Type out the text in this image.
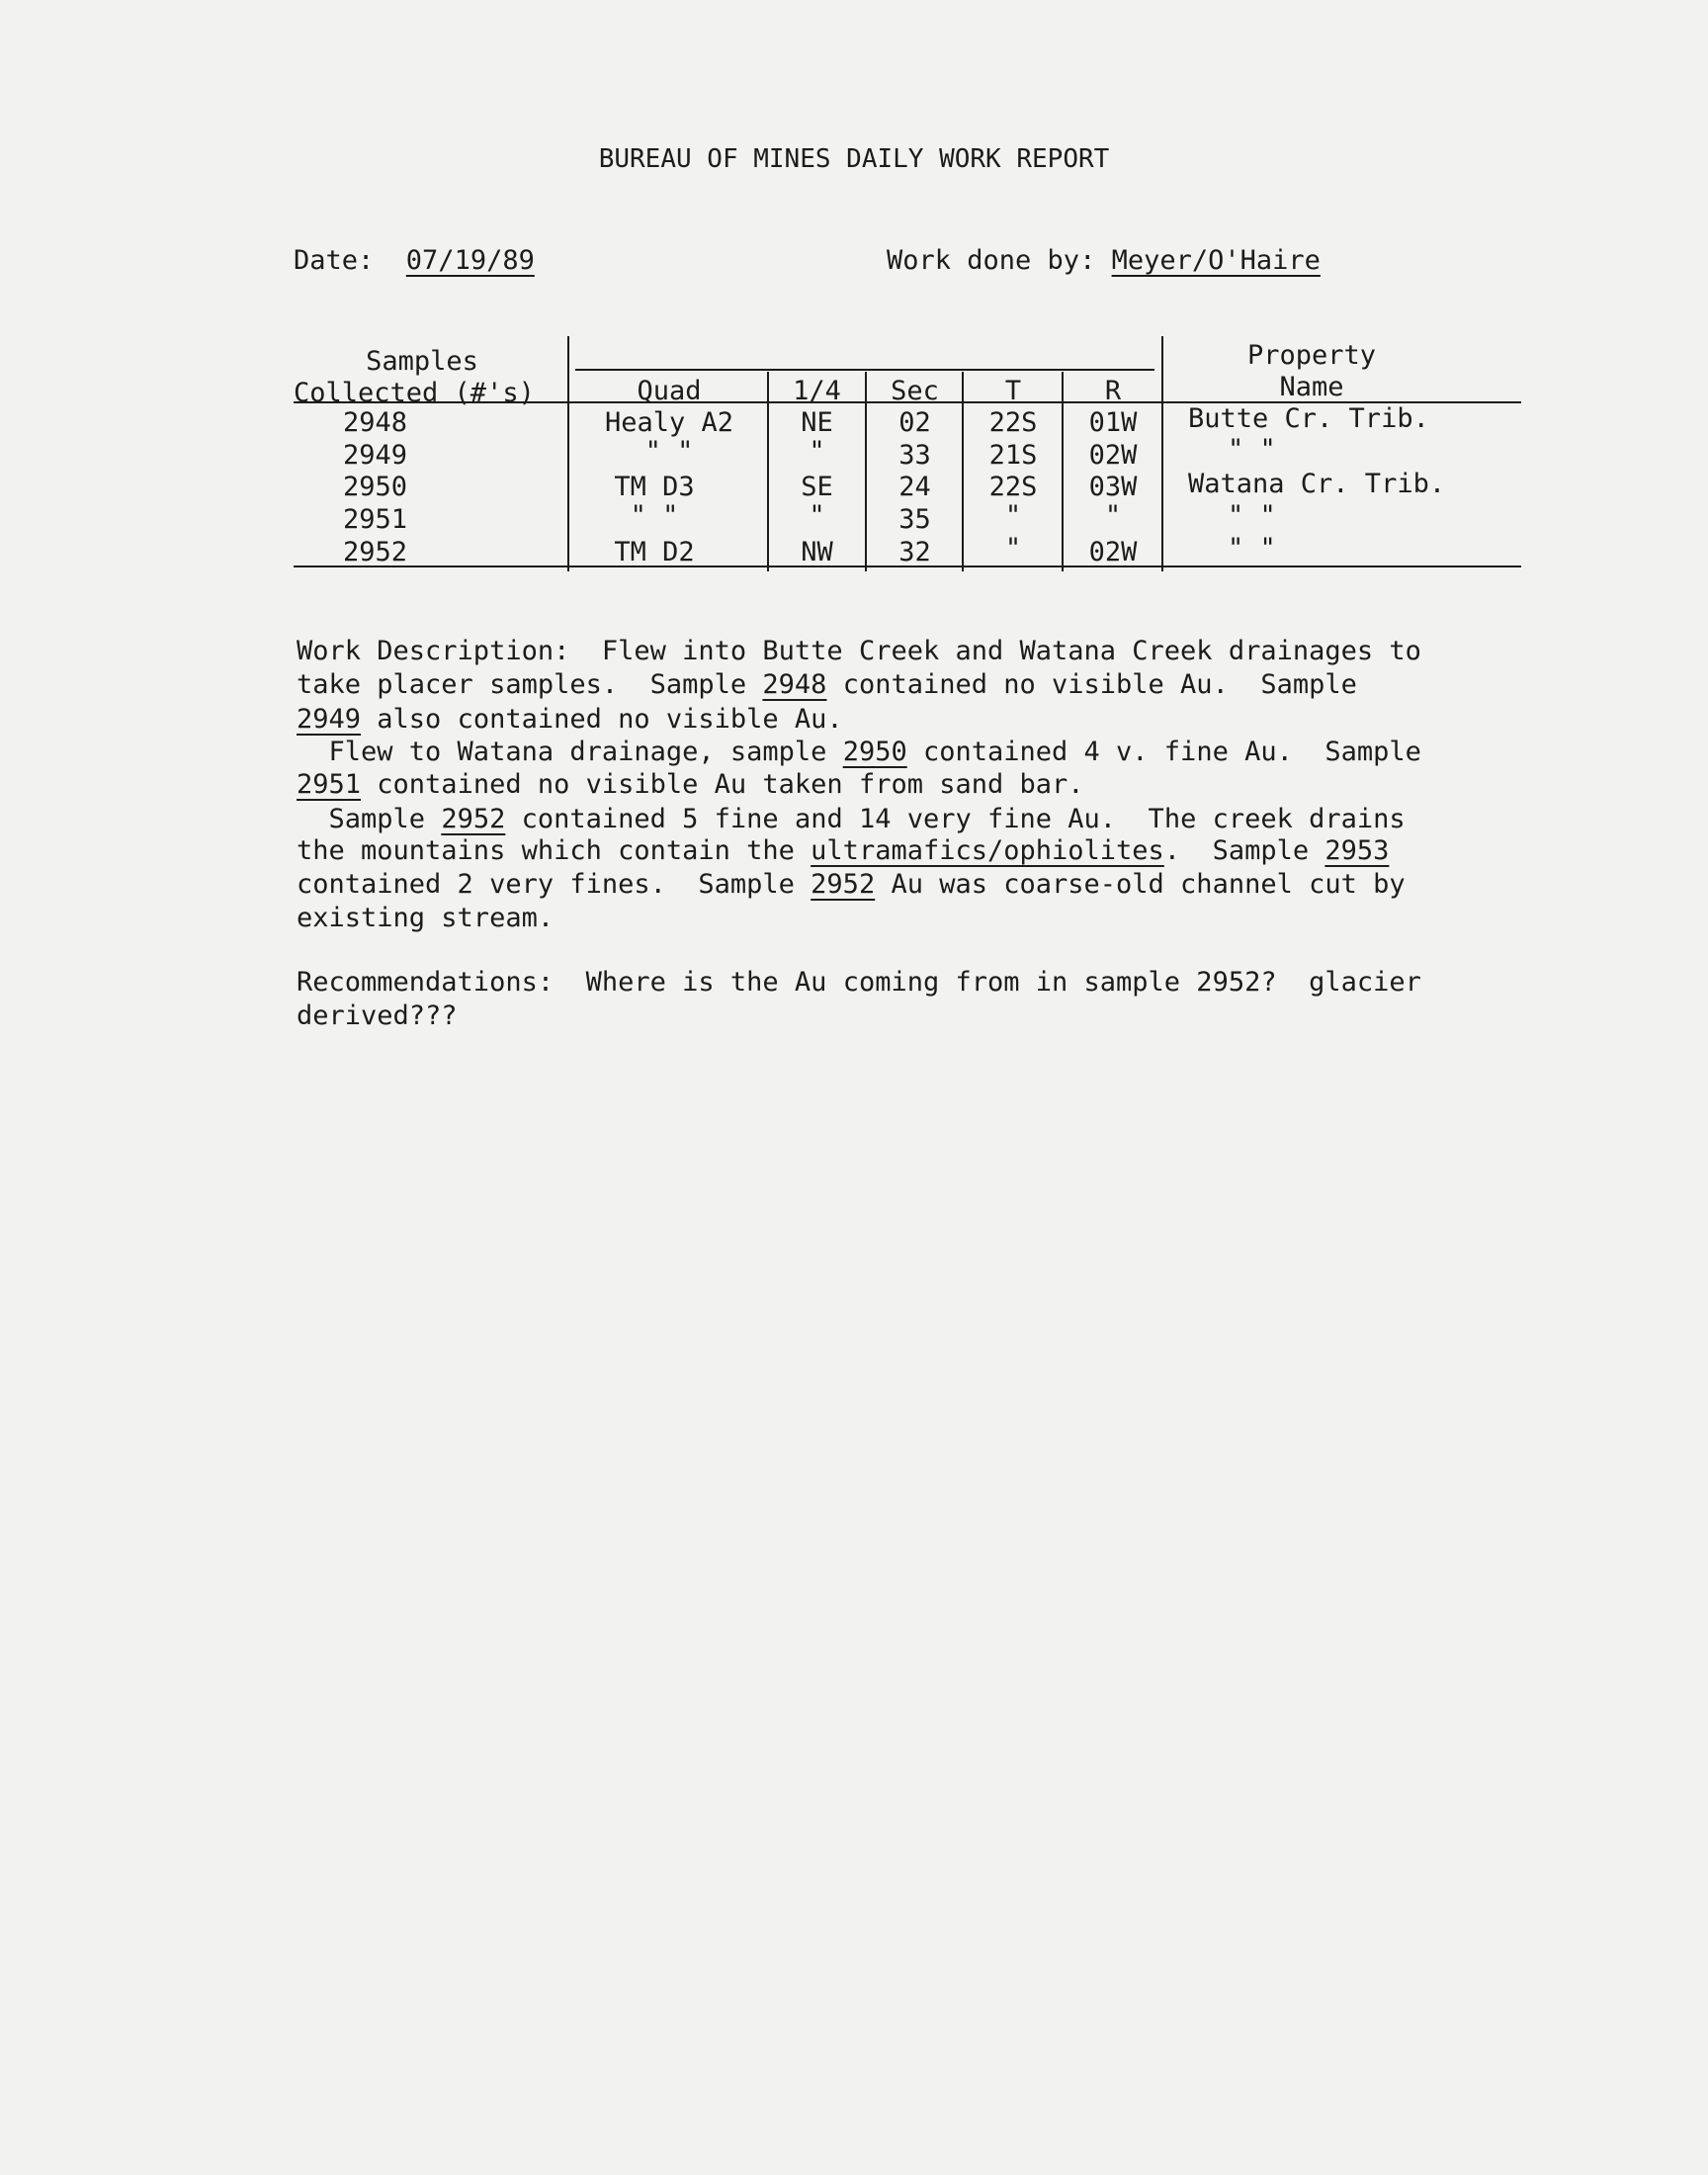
BUREAU OF MINES DAILY WORK REPORT
Date: 07/19/89	Work done by: Meyer/O'Haire
Samples
Collected (#'s)	Quad	1/4	Sec	T	R
Property
Name
2948	Healy A2	NE	02	22S	01W	Butte Cr. Trib.
2949	" "	"	33	21S	02W	" "
2950	TM D3	SE	24	22S	03W	Watana Cr. Trib.
2951	" "	"	35	"	"	" "
2952	TM D2	NW	32	"	02W	" "
Work Description:  Flew into Butte Creek and Watana Creek drainages to
take placer samples.  Sample 2948 contained no visible Au.  Sample
2949 also contained no visible Au.
Flew to Watana drainage, sample 2950 contained 4 v. fine Au.  Sample
2951 contained no visible Au taken from sand bar.
Sample 2952 contained 5 fine and 14 very fine Au.  The creek drains
the mountains which contain the ultramafics/ophiolites.  Sample 2953
contained 2 very fines.  Sample 2952 Au was coarse-old channel cut by
existing stream.
Recommendations:  Where is the Au coming from in sample 2952?  glacier
derived???
